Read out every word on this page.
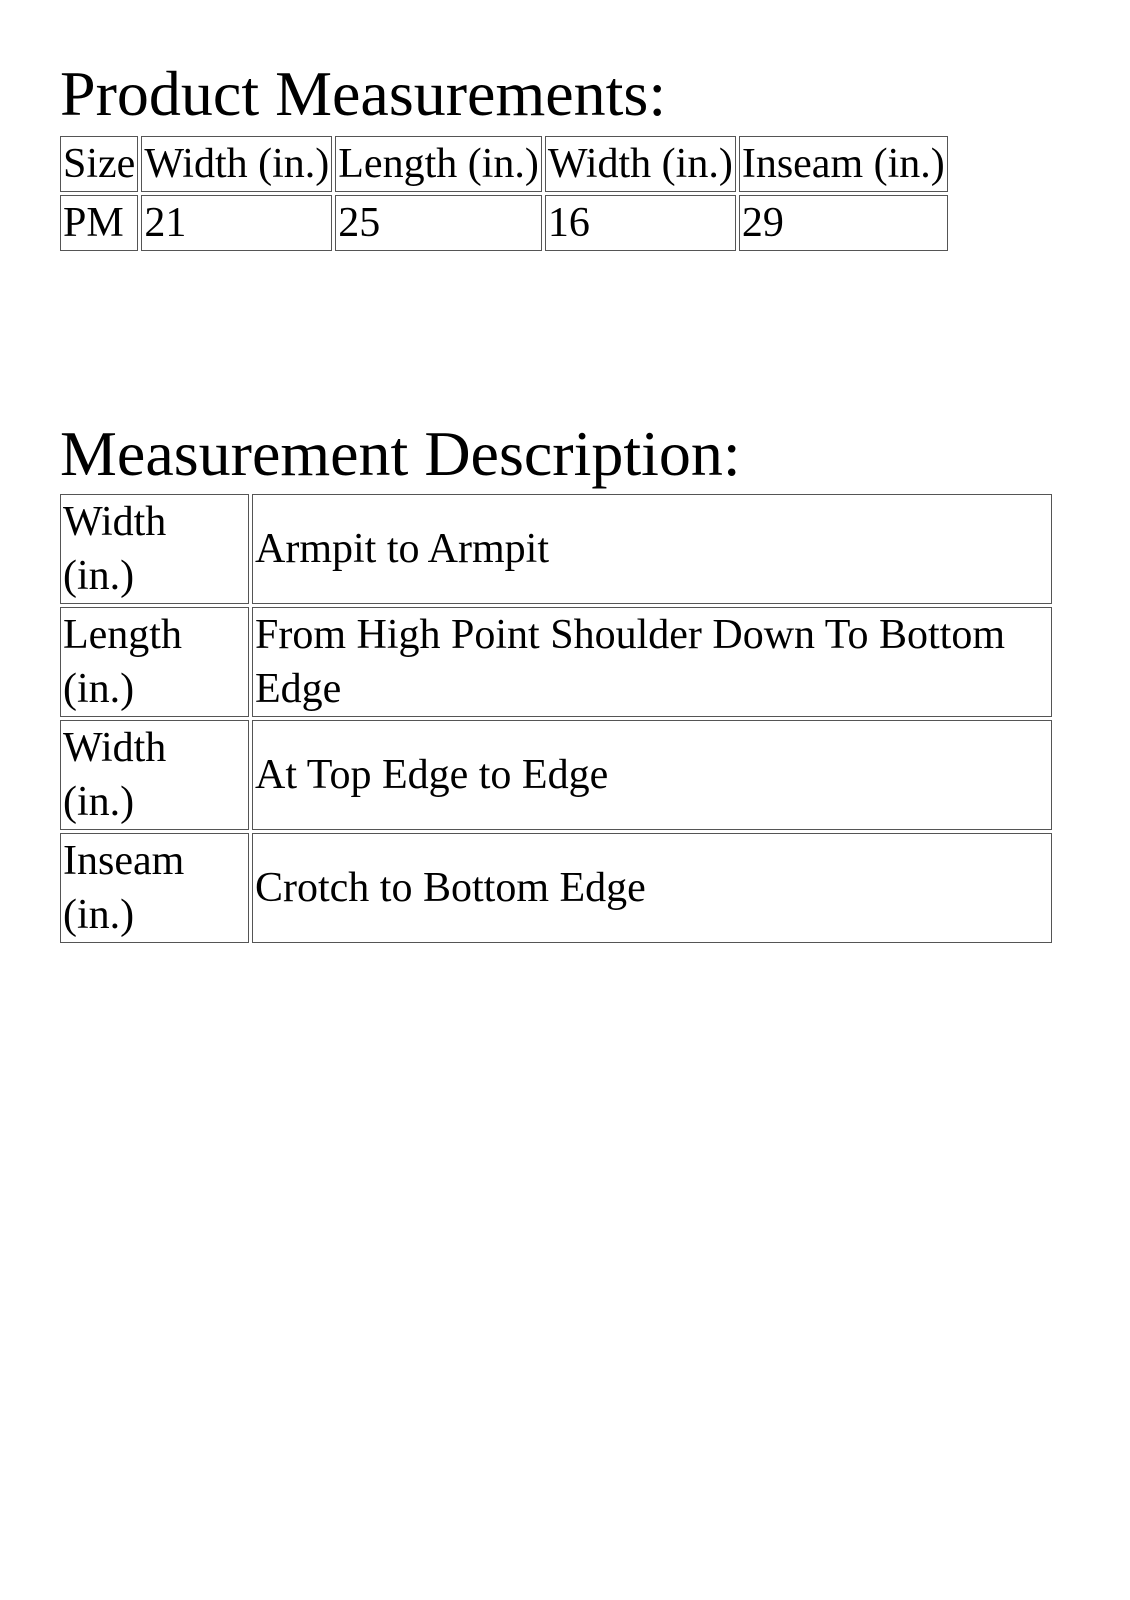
Product Measurements:
Size	Width (in.)	Length (in.)	Width (in.)	Inseam (in.)
PM	21	25	16	29
Measurement Description:
Width (in.)	Armpit to Armpit
Length (in.)	From High Point Shoulder Down To Bottom Edge
Width (in.)	At Top Edge to Edge
Inseam (in.)	Crotch to Bottom Edge
